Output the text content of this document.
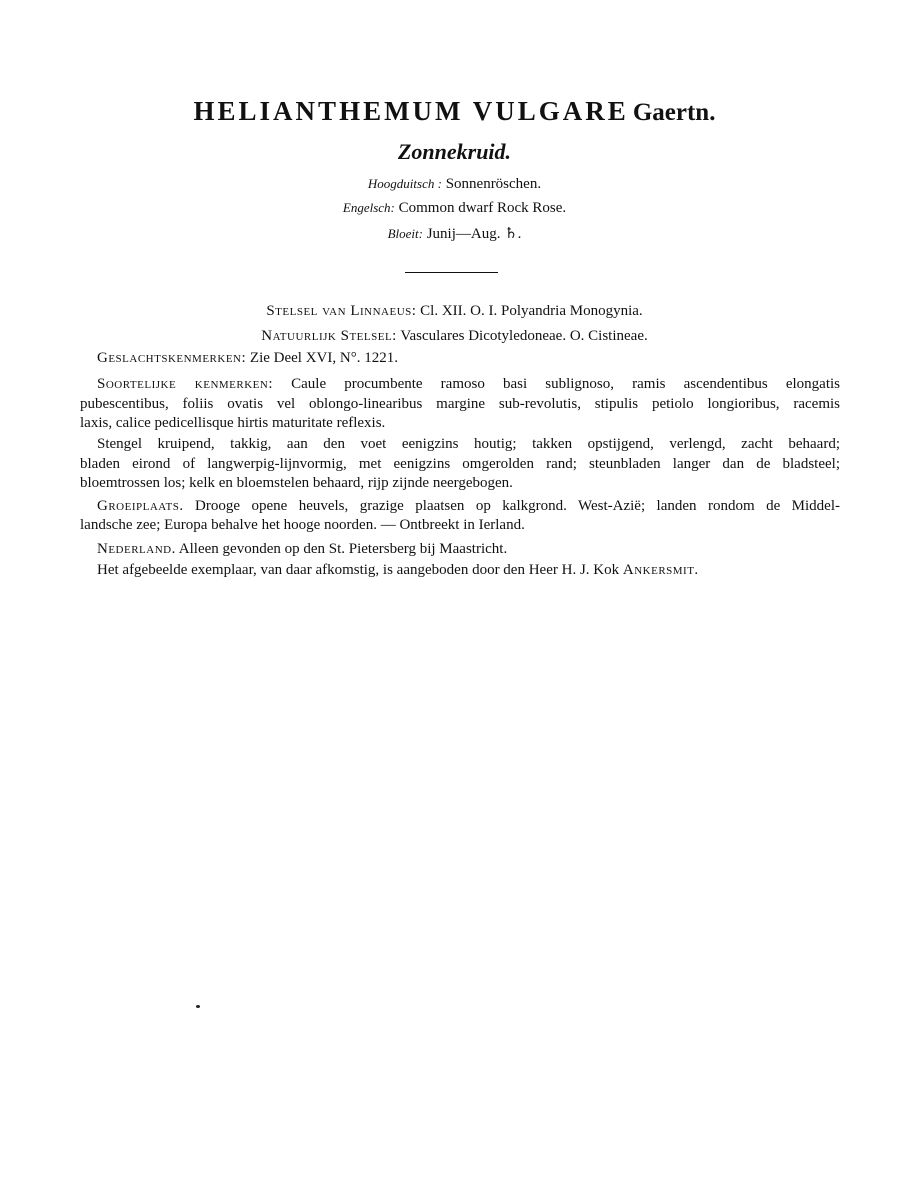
HELIANTHEMUM VULGARE Gaertn.
Zonnekruid.
Hoogduitsch : Sonnenröschen.
Engelsch: Common dwarf Rock Rose.
Bloeit: Junij—Aug. ♄.
Stelsel van Linnaeus: Cl. XII. O. I. Polyandria Monogynia.
Natuurlijk Stelsel: Vasculares Dicotyledoneae. O. Cistineae.
Geslachtskenmerken: Zie Deel XVI, N°. 1221.
Soortelijke kenmerken: Caule procumbente ramoso basi sublignoso, ramis ascendentibus elongatis
pubescentibus, foliis ovatis vel oblongo-linearibus margine sub-revolutis, stipulis petiolo longioribus, racemis
laxis, calice pedicellisque hirtis maturitate reflexis.
Stengel kruipend, takkig, aan den voet eenigzins houtig; takken opstijgend, verlengd, zacht behaard;
bladen eirond of langwerpig-lijnvormig, met eenigzins omgerolden rand; steunbladen langer dan de bladsteel;
bloemtrossen los; kelk en bloemstelen behaard, rijp zijnde neergebogen.
Groeiplaats. Drooge opene heuvels, grazige plaatsen op kalkgrond. West-Azië; landen rondom de Middel-
landsche zee; Europa behalve het hooge noorden. — Ontbreekt in Ierland.
Nederland. Alleen gevonden op den St. Pietersberg bij Maastricht.
Het afgebeelde exemplaar, van daar afkomstig, is aangeboden door den Heer H. J. Kok Ankersmit.
